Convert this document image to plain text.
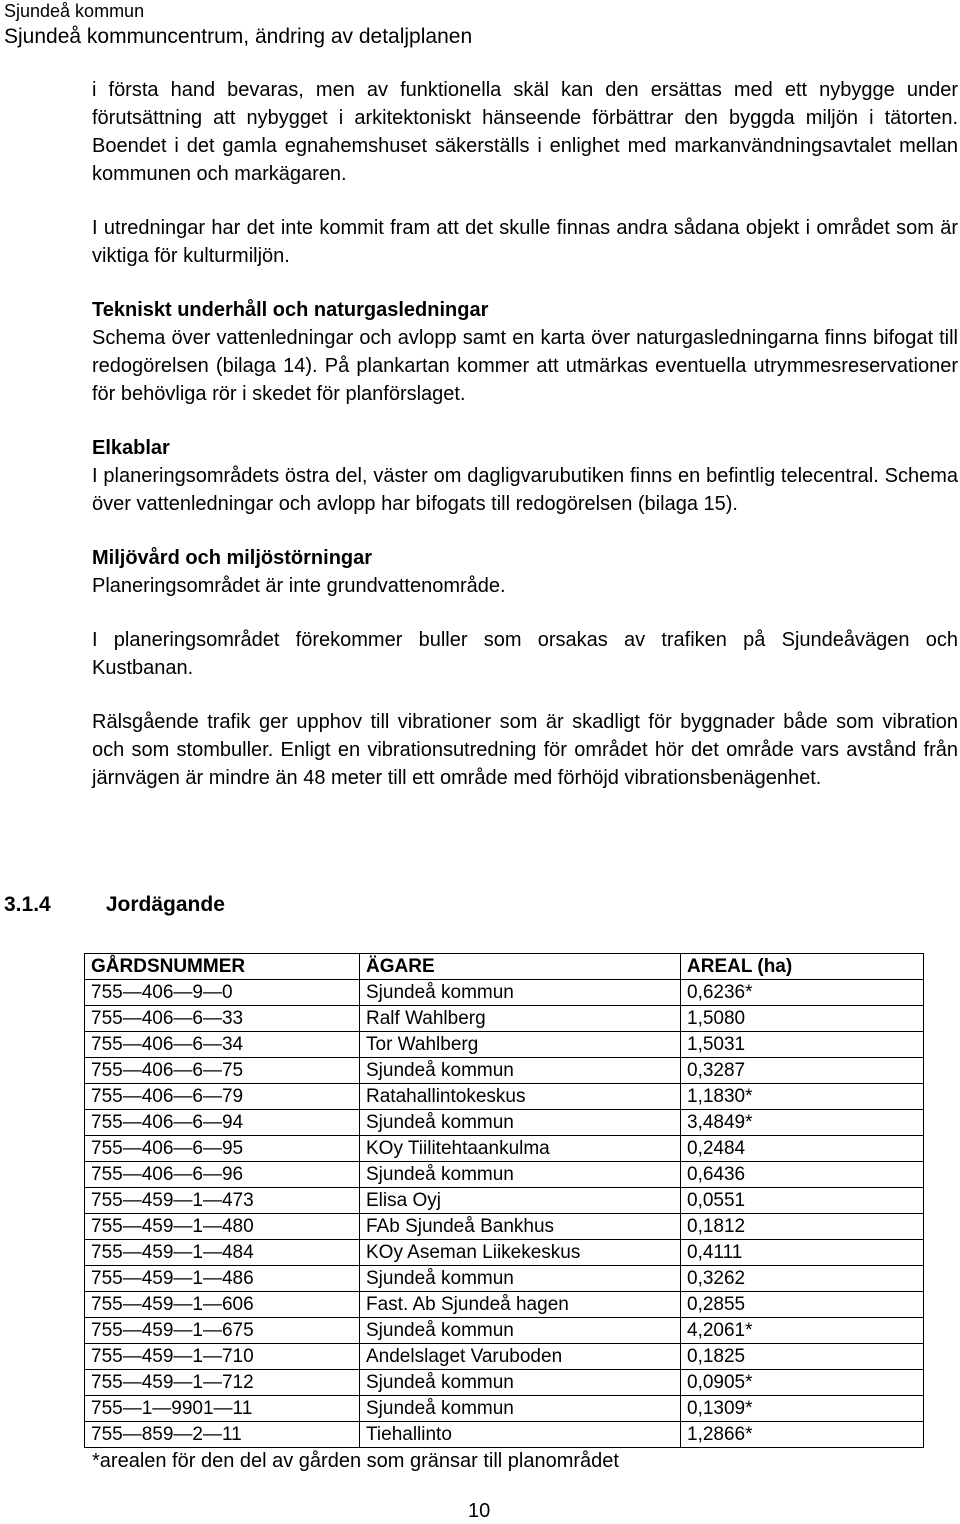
Sjundeå kommun
Sjundeå kommuncentrum, ändring av detaljplanen

i första hand bevaras, men av funktionella skäl kan den ersättas med ett nybygge under förutsättning att nybygget i arkitektoniskt hänseende förbättrar den byggda miljön i tätorten. Boendet i det gamla egnahemshuset säkerställs i enlighet med markanvändningsavtalet mellan kommunen och markägaren.

I utredningar har det inte kommit fram att det skulle finnas andra sådana objekt i området som är viktiga för kulturmiljön.

Tekniskt underhåll och naturgasledningar

Schema över vattenledningar och avlopp samt en karta över naturgasledningarna finns bifogat till redogörelsen (bilaga 14). På plankartan kommer att utmärkas eventuella utrymmesreservationer för behövliga rör i skedet för planförslaget.

Elkablar

I planeringsområdets östra del, väster om dagligvarubutiken finns en befintlig telecentral. Schema över vattenledningar och avlopp har bifogats till redogörelsen (bilaga 15).

Miljövård och miljöstörningar

Planeringsområdet är inte grundvattenområde.

I planeringsområdet förekommer buller som orsakas av trafiken på Sjundeåvägen och Kustbanan.

Rälsgående trafik ger upphov till vibrationer som är skadligt för byggnader både som vibration och som stombuller. Enligt en vibrationsutredning för området hör det område vars avstånd från järnvägen är mindre än 48 meter till ett område med förhöjd vibrationsbenägenhet.

3.1.4	Jordägande
GÅRDSNUMMER	ÄGARE	AREAL (ha)
755—406—9—0	Sjundeå kommun	0,6236*
755—406—6—33	Ralf Wahlberg	1,5080
755—406—6—34	Tor Wahlberg	1,5031
755—406—6—75	Sjundeå kommun	0,3287
755—406—6—79	Ratahallintokeskus	1,1830*
755—406—6—94	Sjundeå kommun	3,4849*
755—406—6—95	KOy Tiilitehtaankulma	0,2484
755—406—6—96	Sjundeå kommun	0,6436
755—459—1—473	Elisa Oyj	0,0551
755—459—1—480	FAb Sjundeå Bankhus	0,1812
755—459—1—484	KOy Aseman Liikekeskus	0,4111
755—459—1—486	Sjundeå kommun	0,3262
755—459—1—606	Fast. Ab Sjundeå hagen	0,2855
755—459—1—675	Sjundeå kommun	4,2061*
755—459—1—710	Andelslaget Varuboden	0,1825
755—459—1—712	Sjundeå kommun	0,0905*
755—1—9901—11	Sjundeå kommun	0,1309*
755—859—2—11	Tiehallinto	1,2866*
*arealen för den del av gården som gränsar till planområdet
10
